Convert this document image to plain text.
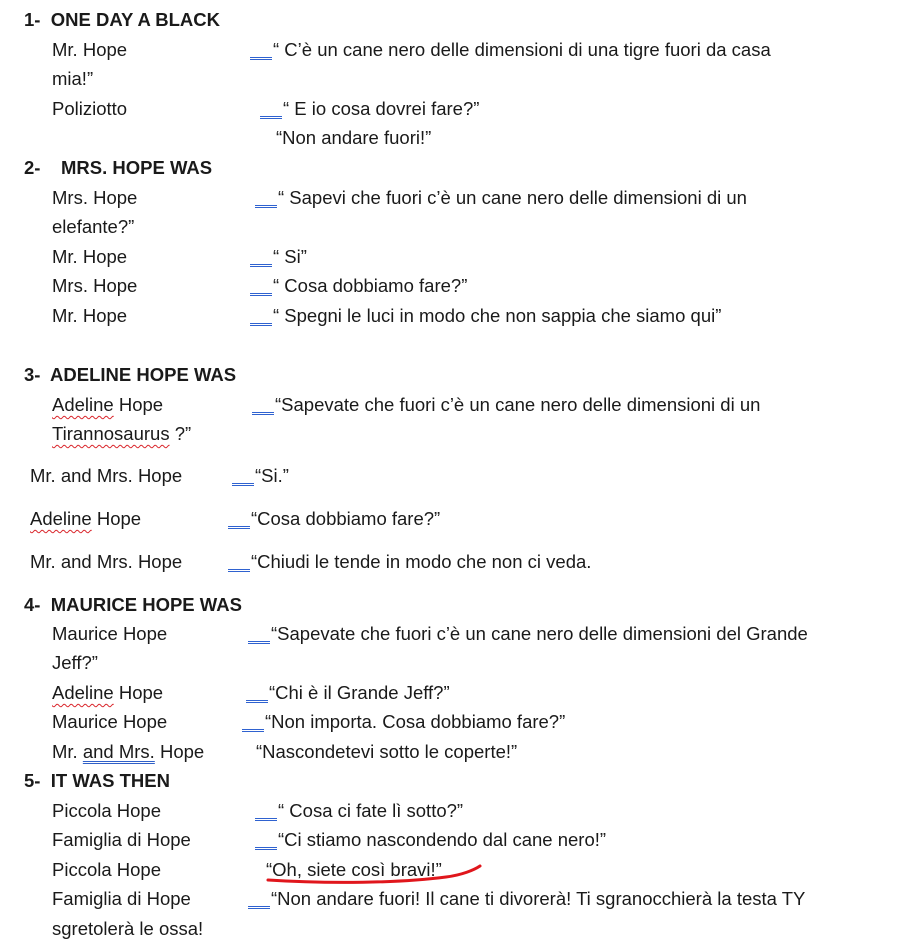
1- ONE DAY A BLACK
Mr. Hope	“ C’è un cane nero delle dimensioni di una tigre fuori da casa
mia!”
Poliziotto	“ E io cosa dovrei fare?”
“Non andare fuori!”
2- MRS. HOPE WAS
Mrs. Hope	“ Sapevi che fuori c’è un cane nero delle dimensioni di un
elefante?”
Mr. Hope	“ Si”
Mrs. Hope	“ Cosa dobbiamo fare?”
Mr. Hope	“ Spegni le luci in modo che non sappia che siamo qui”
3- ADELINE HOPE WAS
Adeline Hope	“Sapevate che fuori c’è un cane nero delle dimensioni di un
Tirannosaurus ?”
Mr. and Mrs. Hope	“Si.”
Adeline Hope	“Cosa dobbiamo fare?”
Mr. and Mrs. Hope	“Chiudi le tende in modo che non ci veda.
4- MAURICE HOPE WAS
Maurice Hope	“Sapevate che fuori c’è un cane nero delle dimensioni del Grande
Jeff?”
Adeline Hope	“Chi è il Grande Jeff?”
Maurice Hope	“Non importa. Cosa dobbiamo fare?”
Mr. and Mrs. Hope	“Nascondetevi sotto le coperte!”
5- IT WAS THEN
Piccola Hope	“ Cosa ci fate lì sotto?”
Famiglia di Hope	“Ci stiamo nascondendo dal cane nero!”
Piccola Hope	“Oh, siete così bravi!”
Famiglia di Hope	“Non andare fuori! Il cane ti divorerà! Ti sgranocchierà la testa TY
sgretolerà le ossa!
